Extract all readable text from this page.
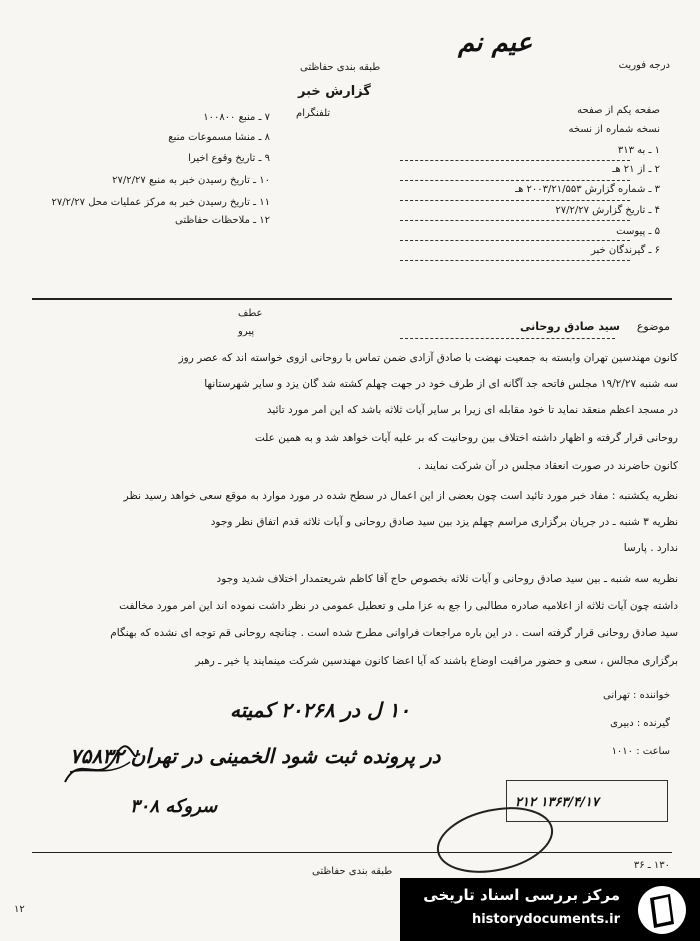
درجه فوریت
عیم نم
طبقه بندی حفاظتی
گزارش خبر
تلفنگرام	صفحه یکم از صفحه
نسخه شماره از نسخه
۱ ـ به ۳۱۳
۲ ـ از ۲۱ هـ
۳ ـ شماره گزارش ۲۰۰۳/۲۱/۵۵۳ هـ
۴ ـ تاریخ گزارش ۲۷/۲/۲۷
۵ ـ پیوست
۶ ـ گیرندگان خبر
۷ ـ منبع ۱۰۰۸۰۰
۸ ـ منشا مسموعات منبع
۹ ـ تاریخ وقوع اخیرا
۱۰ ـ تاریخ رسیدن خبر به منبع ۲۷/۲/۲۷
۱۱ ـ تاریخ رسیدن خبر به مرکز عملیات محل ۲۷/۲/۲۷
۱۲ ـ ملاحظات حفاظتی
موضوع
سید صادق روحانی
عطف
پیرو
کانون مهندسین تهران وابسته به جمعیت نهضت با صادق آزادی ضمن تماس با روحانی ازوی خواسته اند که عصر روز
سه شنبه ۱۹/۲/۲۷ مجلس فاتحه جد آگانه ای از طرف خود در جهت چهلم کشته شد گان یزد و سایر شهرستانها
در مسجد اعظم منعقد نماید تا خود مقابله ای زیرا بر سایر آیات ثلاثه باشد که این امر مورد تائید
روحانی قرار گرفته و اظهار داشته اختلاف بین روحانیت که بر علیه آیات خواهد شد و به همین علت
کانون حاضرند در صورت انعقاد مجلس در آن شرکت نمایند .
نظریه یکشنبه : مفاد خبر مورد تائید است چون بعضی از این اعمال در سطح شده در مورد موارد به موقع سعی خواهد رسید نظر
نظریه ۳ شنبه ـ در جریان برگزاری مراسم چهلم یزد بین سید صادق روحانی و آیات ثلاثه قدم اتفاق نظر وجود
ندارد . پارسا
نظریه سه شنبه ـ بین سید صادق روحانی و آیات ثلاثه بخصوص حاج آقا کاظم شریعتمدار اختلاف شدید وجود
داشته چون آیات ثلاثه از اعلامیه صادره مطالبی را جع به عزا ملی و تعطیل عمومی در نظر داشت نموده اند این امر مورد مخالفت
سید صادق روحانی قرار گرفته است . در این باره مراجعات فراوانی مطرح شده است . چنانچه روحانی قم توجه ای نشده که بهنگام
برگزاری مجالس ، سعی و حضور مراقبت اوضاع باشند که آیا اعضا کانون مهندسین شرکت مینمایند یا خیر ـ رهبر
خواننده : تهرانی
گیرنده : دبیری
ساعت : ۱۰۱۰
۱۰ ل در ۲۰۲۶۸ کمیته
در پرونده ثبت شود الخمینی در تهران ۷۵۸۳۲
سروکه ۳۰۸	۲۱۲ ۱۳۶۳/۴/۱۷
طبقه بندی حفاظتی
۱۳۰ ـ ۳۶
۱۲
مرکز بررسی اسناد تاریخی
historydocuments.ir
